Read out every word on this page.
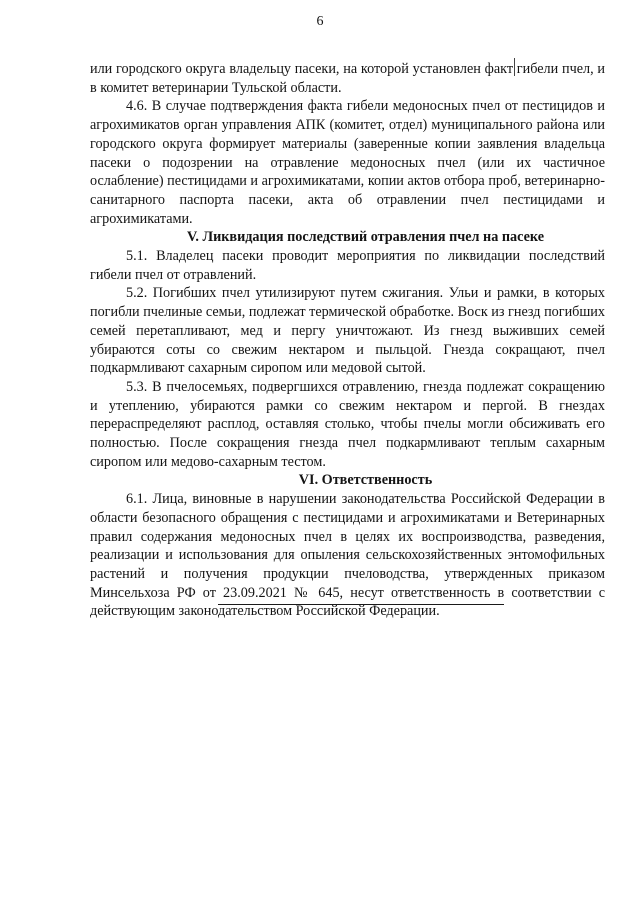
6

или городского округа владельцу пасеки, на которой установлен факт гибели пчел, и в комитет ветеринарии Тульской области.

4.6. В случае подтверждения факта гибели медоносных пчел от пестицидов и агрохимикатов орган управления АПК (комитет, отдел) муниципального района или городского округа формирует материалы (заверенные копии заявления владельца пасеки о подозрении на отравление медоносных пчел (или их частичное ослабление) пестицидами и агрохимикатами, копии актов отбора проб, ветеринарно-санитарного паспорта пасеки, акта об отравлении пчел пестицидами и агрохимикатами.

V. Ликвидация последствий отравления пчел на пасеке

5.1. Владелец пасеки проводит мероприятия по ликвидации последствий гибели пчел от отравлений.

5.2. Погибших пчел утилизируют путем сжигания. Ульи и рамки, в которых погибли пчелиные семьи, подлежат термической обработке. Воск из гнезд погибших семей перетапливают, мед и пергу уничтожают. Из гнезд выживших семей убираются соты со свежим нектаром и пыльцой. Гнезда сокращают, пчел подкармливают сахарным сиропом или медовой сытой.

5.3. В пчелосемьях, подвергшихся отравлению, гнезда подлежат сокращению и утеплению, убираются рамки со свежим нектаром и пергой. В гнездах перераспределяют расплод, оставляя столько, чтобы пчелы могли обсиживать его полностью. После сокращения гнезда пчел подкармливают теплым сахарным сиропом или медово-сахарным тестом.

VI. Ответственность

6.1. Лица, виновные в нарушении законодательства Российской Федерации в области безопасного обращения с пестицидами и агрохимикатами и Ветеринарных правил содержания медоносных пчел в целях их воспроизводства, разведения, реализации и использования для опыления сельскохозяйственных энтомофильных растений и получения продукции пчеловодства, утвержденных приказом Минсельхоза РФ от 23.09.2021 № 645, несут ответственность в соответствии с действующим законодательством Российской Федерации.
